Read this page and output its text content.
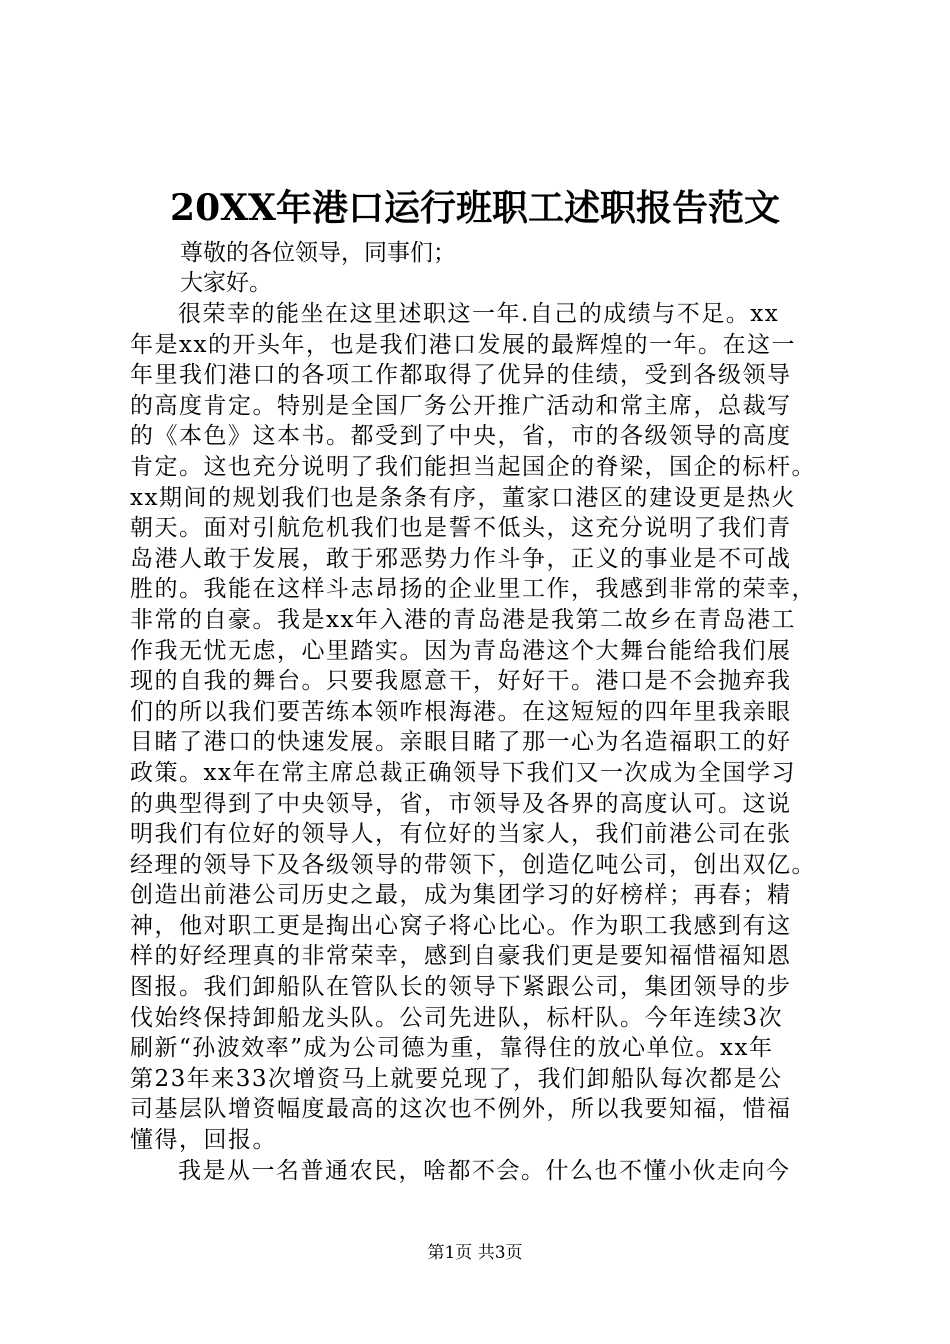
20XX年港口运行班职工述职报告范文
尊敬的各位领导，同事们；
大家好。
很荣幸的能坐在这里述职这一年.自己的成绩与不足。xx
年是xx的开头年，也是我们港口发展的最辉煌的一年。在这一
年里我们港口的各项工作都取得了优异的佳绩，受到各级领导
的高度肯定。特别是全国厂务公开推广活动和常主席，总裁写
的《本色》这本书。都受到了中央，省，市的各级领导的高度
肯定。这也充分说明了我们能担当起国企的脊梁，国企的标杆。
xx期间的规划我们也是条条有序，董家口港区的建设更是热火
朝天。面对引航危机我们也是誓不低头，这充分说明了我们青
岛港人敢于发展，敢于邪恶势力作斗争，正义的事业是不可战
胜的。我能在这样斗志昂扬的企业里工作，我感到非常的荣幸，
非常的自豪。我是xx年入港的青岛港是我第二故乡在青岛港工
作我无忧无虑，心里踏实。因为青岛港这个大舞台能给我们展
现的自我的舞台。只要我愿意干，好好干。港口是不会抛弃我
们的所以我们要苦练本领咋根海港。在这短短的四年里我亲眼
目睹了港口的快速发展。亲眼目睹了那一心为名造福职工的好
政策。xx年在常主席总裁正确领导下我们又一次成为全国学习
的典型得到了中央领导，省，市领导及各界的高度认可。这说
明我们有位好的领导人，有位好的当家人，我们前港公司在张
经理的领导下及各级领导的带领下，创造亿吨公司，创出双亿。
创造出前港公司历史之最，成为集团学习的好榜样；再春；精
神，他对职工更是掏出心窝子将心比心。作为职工我感到有这
样的好经理真的非常荣幸，感到自豪我们更是要知福惜福知恩
图报。我们卸船队在管队长的领导下紧跟公司，集团领导的步
伐始终保持卸船龙头队。公司先进队，标杆队。今年连续3次
刷新“孙波效率”成为公司德为重，靠得住的放心单位。xx年
第23年来33次增资马上就要兑现了，我们卸船队每次都是公
司基层队增资幅度最高的这次也不例外，所以我要知福，惜福
懂得，回报。
我是从一名普通农民，啥都不会。什么也不懂小伙走向今
第1页 共3页
